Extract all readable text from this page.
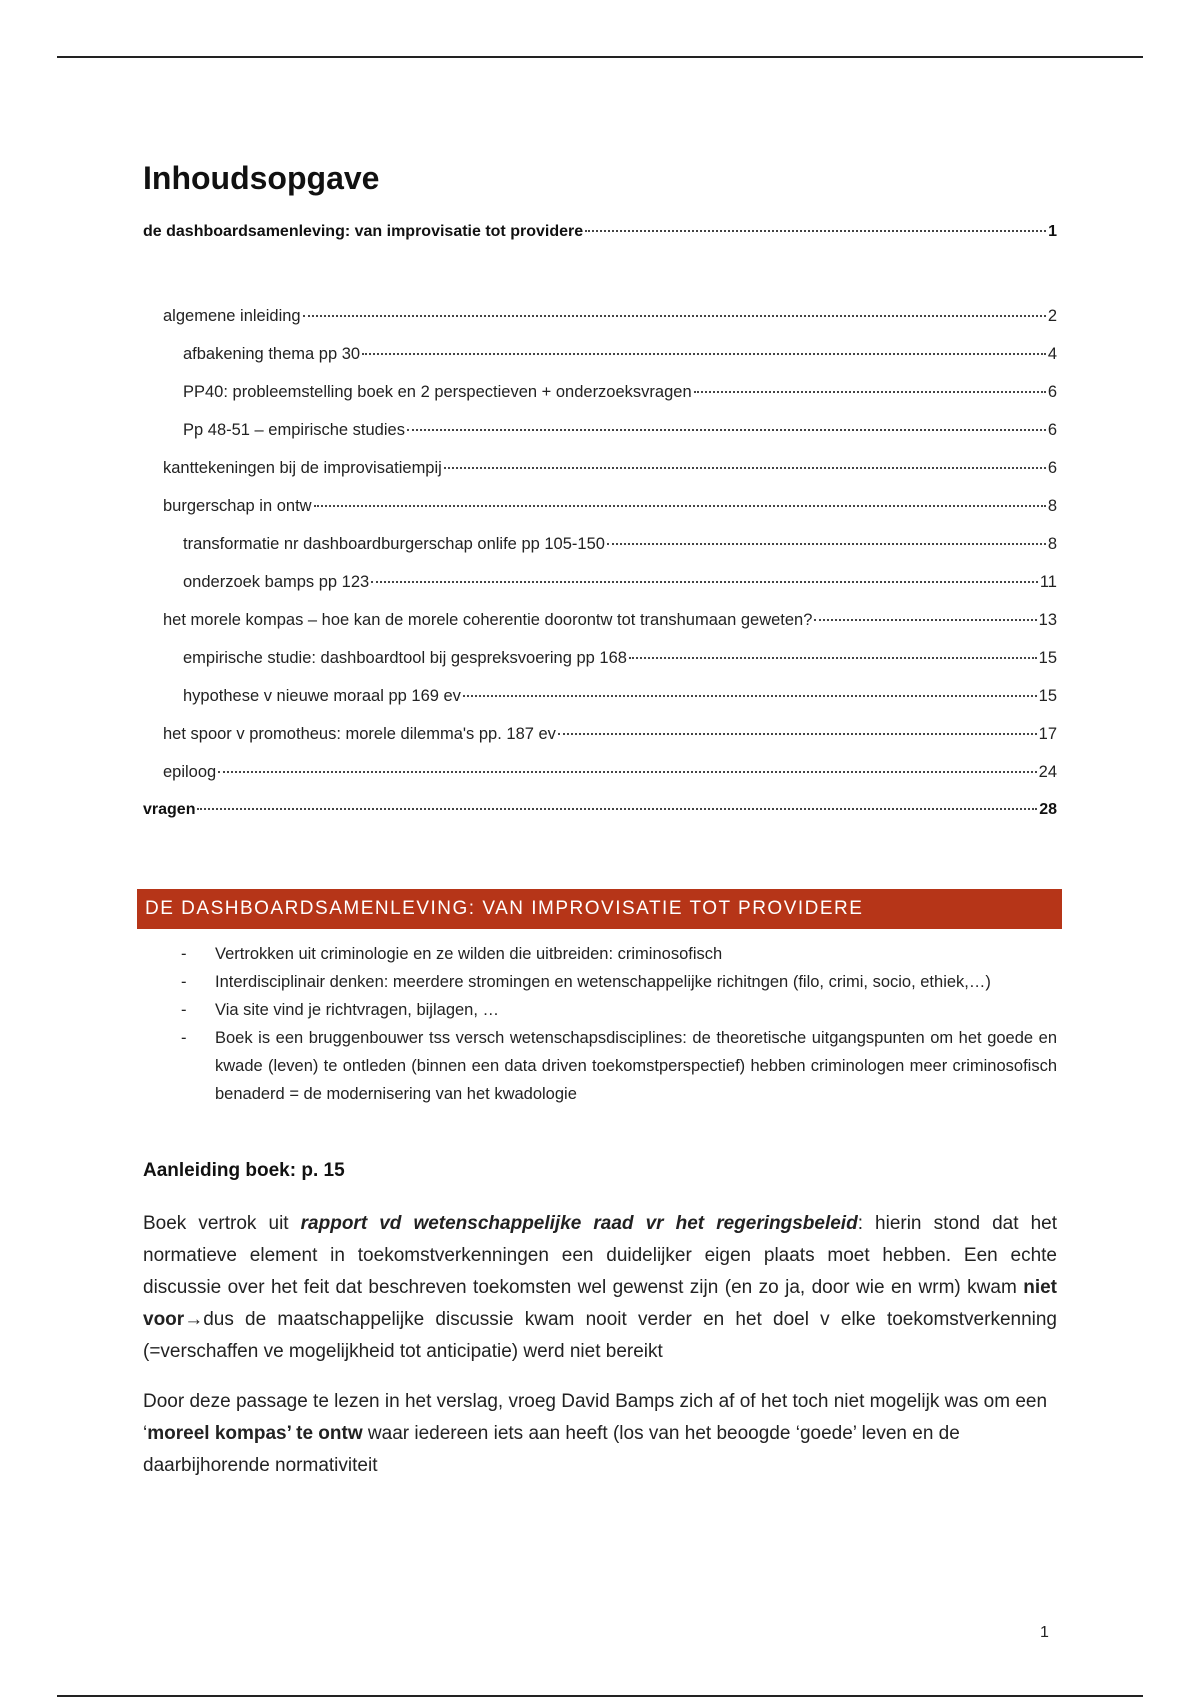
Inhoudsopgave
de dashboardsamenleving: van improvisatie tot providere	1
algemene inleiding	2
afbakening thema pp 30	4
PP40: probleemstelling boek en 2 perspectieven + onderzoeksvragen	6
Pp 48-51 – empirische studies	6
kanttekeningen bij de improvisatiempij	6
burgerschap in ontw	8
transformatie nr dashboardburgerschap onlife pp 105-150	8
onderzoek bamps pp 123	11
het morele kompas – hoe kan de morele coherentie doorontw tot transhumaan geweten?	13
empirische studie: dashboardtool bij gespreksvoering pp 168	15
hypothese v nieuwe moraal pp 169 ev	15
het spoor v promotheus: morele dilemma's pp. 187 ev	17
epiloog	24
vragen	28
DE DASHBOARDSAMENLEVING: VAN IMPROVISATIE TOT PROVIDERE
-	Vertrokken uit criminologie en ze wilden die uitbreiden: criminosofisch
-	Interdisciplinair denken: meerdere stromingen en wetenschappelijke richitngen (filo, crimi, socio, ethiek,…)
-	Via site vind je richtvragen, bijlagen, …
-	Boek is een bruggenbouwer tss versch wetenschapsdisciplines: de theoretische uitgangspunten om het goede en kwade (leven) te ontleden (binnen een data driven toekomstperspectief) hebben criminologen meer criminosofisch benaderd = de modernisering van het kwadologie
Aanleiding boek: p. 15

Boek vertrok uit rapport vd wetenschappelijke raad vr het regeringsbeleid: hierin stond dat het normatieve element in toekomstverkenningen een duidelijker eigen plaats moet hebben. Een echte discussie over het feit dat beschreven toekomsten wel gewenst zijn (en zo ja, door wie en wrm) kwam niet voor→dus de maatschappelijke discussie kwam nooit verder en het doel v elke toekomstverkenning (=verschaffen ve mogelijkheid tot anticipatie) werd niet bereikt

Door deze passage te lezen in het verslag, vroeg David Bamps zich af of het toch niet mogelijk was om een ‘moreel kompas’ te ontw waar iedereen iets aan heeft (los van het beoogde ‘goede’ leven en de daarbijhorende normativiteit

1
